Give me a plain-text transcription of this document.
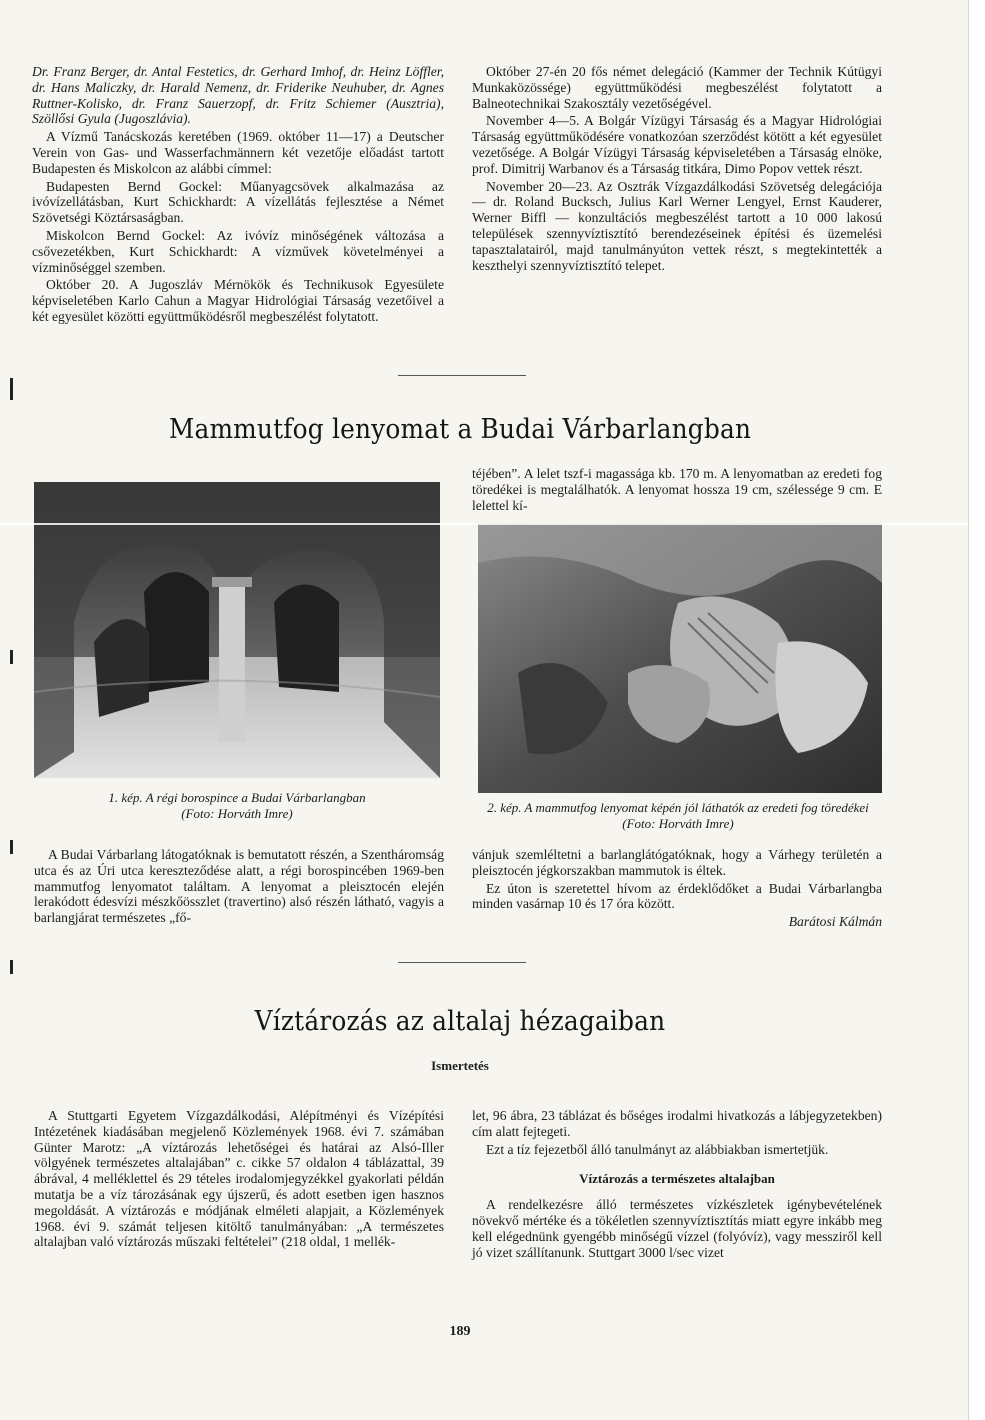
Dr. Franz Berger, dr. Antal Festetics, dr. Gerhard Imhof, dr. Heinz Löffler, dr. Hans Maliczky, dr. Harald Nemenz, dr. Friderike Neuhuber, dr. Agnes Ruttner-Kolisko, dr. Franz Sauerzopf, dr. Fritz Schiemer (Ausztria), Szöllősi Gyula (Jugoszlávia).

A Vízmű Tanácskozás keretében (1969. október 11—17) a Deutscher Verein von Gas- und Wasserfachmännern két vezetője előadást tartott Budapesten és Miskolcon az alábbi címmel:

Budapesten Bernd Gockel: Műanyagcsövek alkalmazása az ivóvízellátásban, Kurt Schickhardt: A vízellátás fejlesztése a Német Szövetségi Köztársaságban.

Miskolcon Bernd Gockel: Az ivóvíz minőségének változása a csővezetékben, Kurt Schickhardt: A vízművek követelményei a vízminőséggel szemben.

Október 20. A Jugoszláv Mérnökök és Technikusok Egyesülete képviseletében Karlo Cahun a Magyar Hidrológiai Társaság vezetőivel a két egyesület közötti együttműködésről megbeszélést folytatott.

Október 27-én 20 fős német delegáció (Kammer der Technik Kútügyi Munkaközössége) együttműködési megbeszélést folytatott a Balneotechnikai Szakosztály vezetőségével.

November 4—5. A Bolgár Vízügyi Társaság és a Magyar Hidrológiai Társaság együttműködésére vonatkozóan szerződést kötött a két egyesület vezetősége. A Bolgár Vízügyi Társaság képviseletében a Társaság elnöke, prof. Dimitrij Warbanov és a Társaság titkára, Dimo Popov vettek részt.

November 20—23. Az Osztrák Vízgazdálkodási Szövetség delegációja — dr. Roland Bucksch, Julius Karl Werner Lengyel, Ernst Kauderer, Werner Biffl — konzultációs megbeszélést tartott a 10 000 lakosú települések szennyvíztisztító berendezéseinek építési és üzemelési tapasztalatairól, majd tanulmányúton vettek részt, s megtekintették a keszthelyi szennyvíztisztító telepet.

Mammutfog lenyomat a Budai Várbarlangban

téjében”. A lelet tszf-i magassága kb. 170 m. A lenyomatban az eredeti fog töredékei is megtalálhatók. A lenyomat hossza 19 cm, szélessége 9 cm. E lelettel kí-

1. kép. A régi borospince a Budai Várbarlangban
(Foto: Horváth Imre)	2. kép. A mammutfog lenyomat képén jól láthatók az eredeti fog töredékei (Foto: Horváth Imre)

A Budai Várbarlang látogatóknak is bemutatott részén, a Szentháromság utca és az Úri utca kereszteződése alatt, a régi borospincében 1969-ben mammutfog lenyomatot találtam. A lenyomat a pleisztocén elején lerakódott édesvízi mészkőösszlet (travertino) alsó részén látható, vagyis a barlangjárat természetes „fő-

vánjuk szemléltetni a barlanglátógatóknak, hogy a Várhegy területén a pleisztocén jégkorszakban mammutok is éltek.

Ez úton is szeretettel hívom az érdeklődőket a Budai Várbarlangba minden vasárnap 10 és 17 óra között.

Barátosi Kálmán

Víztározás az altalaj hézagaiban
Ismertetés

A Stuttgarti Egyetem Vízgazdálkodási, Alépítményi és Vízépítési Intézetének kiadásában megjelenő Közlemények 1968. évi 7. számában Günter Marotz: „A víztározás lehetőségei és határai az Alsó-Iller völgyének természetes altalajában” c. cikke 57 oldalon 4 táblázattal, 39 ábrával, 4 melléklettel és 29 tételes irodalomjegyzékkel gyakorlati példán mutatja be a víz tározásának egy újszerű, és adott esetben igen hasznos megoldását. A víztározás e módjának elméleti alapjait, a Közlemények 1968. évi 9. számát teljesen kitöltő tanulmányában: „A természetes altalajban való víztározás műszaki feltételei” (218 oldal, 1 mellék-

let, 96 ábra, 23 táblázat és bőséges irodalmi hivatkozás a lábjegyzetekben) cím alatt fejtegeti.

Ezt a tíz fejezetből álló tanulmányt az alábbiakban ismertetjük.

Víztározás a természetes altalajban

A rendelkezésre álló természetes vízkészletek igénybevételének növekvő mértéke és a tökéletlen szennyvíztisztítás miatt egyre inkább meg kell elégednünk gyengébb minőségű vízzel (folyóvíz), vagy messziről kell jó vizet szállítanunk. Stuttgart 3000 l/sec vizet

189
